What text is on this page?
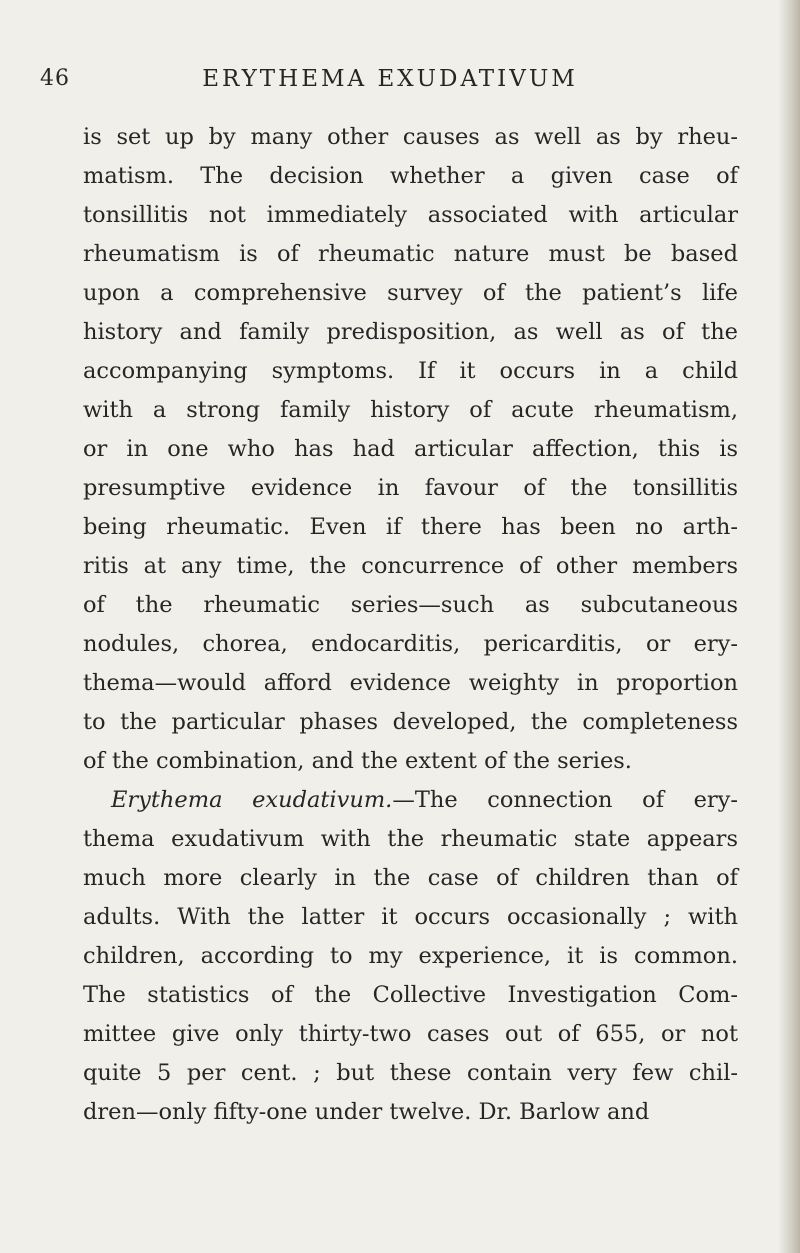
46	ERYTHEMA EXUDATIVUM
is set up by many other causes as well as by rheu-
matism. The decision whether a given case of
tonsillitis not immediately associated with articular
rheumatism is of rheumatic nature must be based
upon a comprehensive survey of the patient’s life
history and family predisposition, as well as of the
accompanying symptoms. If it occurs in a child
with a strong family history of acute rheumatism,
or in one who has had articular affection, this is
presumptive evidence in favour of the tonsillitis
being rheumatic. Even if there has been no arth-
ritis at any time, the concurrence of other members
of the rheumatic series—such as subcutaneous
nodules, chorea, endocarditis, pericarditis, or ery-
thema—would afford evidence weighty in proportion
to the particular phases developed, the completeness
of the combination, and the extent of the series.
Erythema exudativum.—The connection of ery-
thema exudativum with the rheumatic state appears
much more clearly in the case of children than of
adults. With the latter it occurs occasionally ; with
children, according to my experience, it is common.
The statistics of the Collective Investigation Com-
mittee give only thirty-two cases out of 655, or not
quite 5 per cent. ; but these contain very few chil-
dren—only fifty-one under twelve. Dr. Barlow and
